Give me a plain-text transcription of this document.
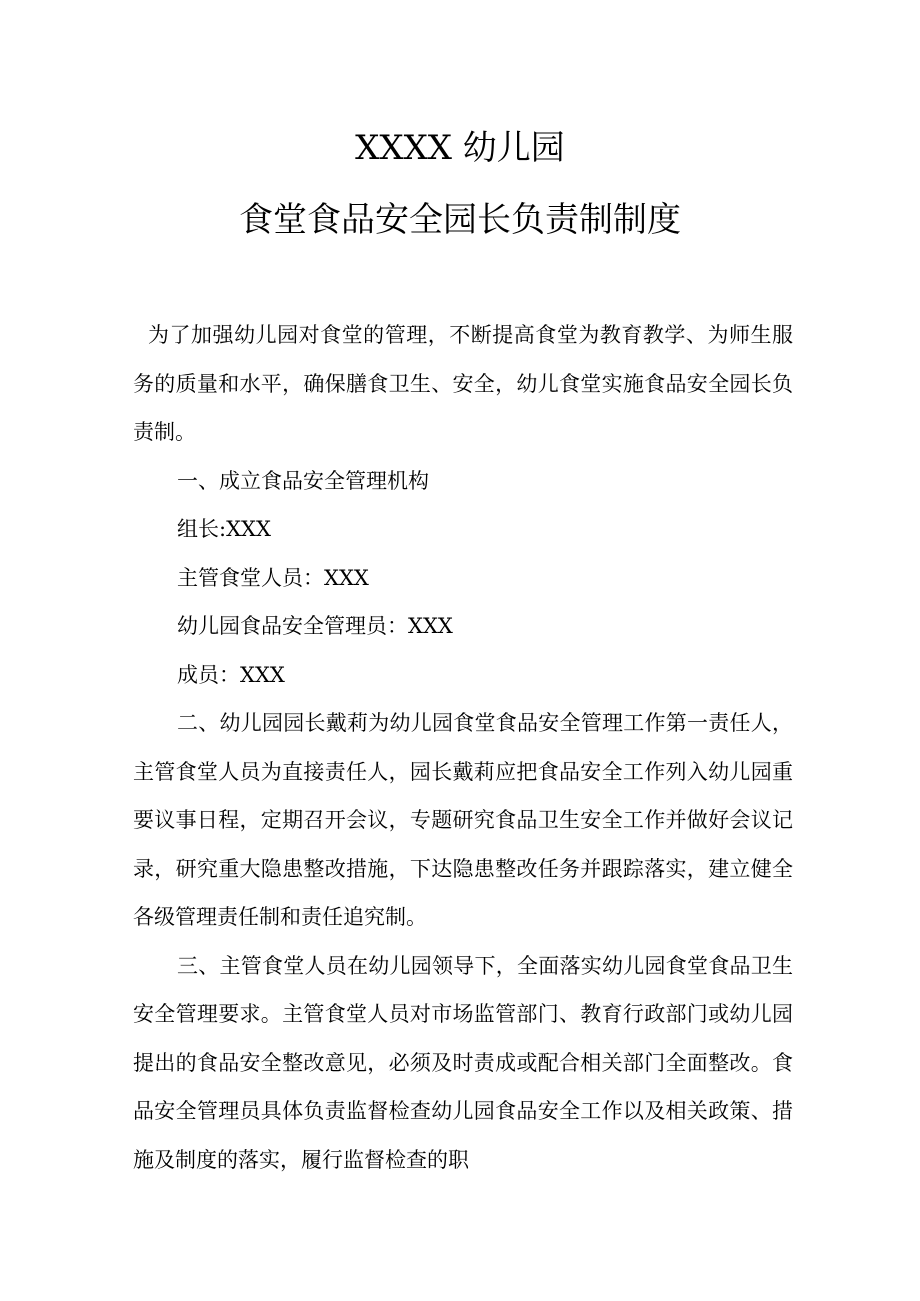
XXXX 幼儿园
食堂食品安全园长负责制制度

为了加强幼儿园对食堂的管理，不断提高食堂为教育教学、为师生服务的质量和水平，确保膳食卫生、安全，幼儿食堂实施食品安全园长负责制。

一、成立食品安全管理机构

组长:XXX

主管食堂人员：XXX

幼儿园食品安全管理员：XXX

成员：XXX

二、幼儿园园长戴莉为幼儿园食堂食品安全管理工作第一责任人，主管食堂人员为直接责任人，园长戴莉应把食品安全工作列入幼儿园重要议事日程，定期召开会议，专题研究食品卫生安全工作并做好会议记录，研究重大隐患整改措施，下达隐患整改任务并跟踪落实，建立健全各级管理责任制和责任追究制。

三、主管食堂人员在幼儿园领导下，全面落实幼儿园食堂食品卫生安全管理要求。主管食堂人员对市场监管部门、教育行政部门或幼儿园提出的食品安全整改意见，必须及时责成或配合相关部门全面整改。食品安全管理员具体负责监督检查幼儿园食品安全工作以及相关政策、措施及制度的落实，履行监督检查的职
